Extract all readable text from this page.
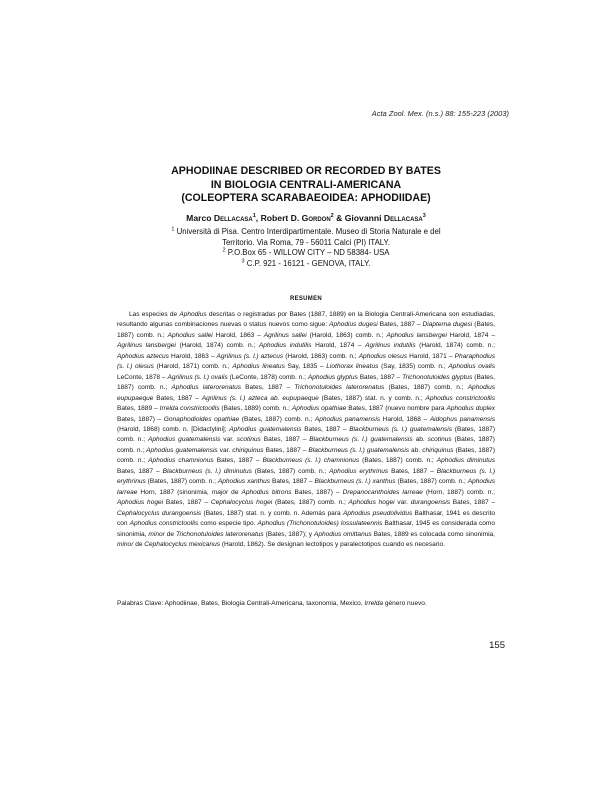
Acta Zool. Mex. (n.s.) 88: 155-223 (2003)
APHODIINAE DESCRIBED OR RECORDED BY BATES
IN BIOLOGIA CENTRALI-AMERICANA
(COLEOPTERA SCARABAEOIDEA: APHODIIDAE)

Marco Dellacasa$^1$, Robert D. Gordon$^2$ & Giovanni Dellacasa$^3$

$^1$ Università di Pisa. Centro Interdipartimentale. Museo di Storia Naturale e del
Territorio. Via Roma, 79 - 56011 Calci (PI) ITALY.
$^2$ P.O.Box 65 - WILLOW CITY – ND 58384- USA
$^3$ C.P. 921 - 16121 - GENOVA, ITALY.
RESUMEN

Las especies de Aphodius descritas o registradas por Bates (1887, 1889) en la Biologia Centrali-Americana son estudiadas, resultando algunas combinaciones nuevas o status nuevos como sigue: Aphodius dugesi Bates, 1887 – Diapterna dugesi (Bates, 1887) comb. n.; Aphodius sallei Harold, 1863 – Agrilinus sallei (Harold, 1863) comb. n.; Aphodius lansbergei Harold, 1874 – Agrilinus lansbergei (Harold, 1874) comb. n.; Aphodius indutilis Harold, 1874 – Agrilinus indutilis (Harold, 1874) comb. n.; Aphodius aztecus Harold, 1863 – Agrilinus (s. l.) aztecus (Harold, 1863) comb. n.; Aphodius olesus Harold, 1871 – Pharaphodius (s. l.) olesus (Harold, 1871) comb. n.; Aphodius lineatus Say, 1835 – Liothorax lineatus (Say, 1835) comb. n.; Aphodius ovalis LeConte, 1878 – Agrilinus (s. l.) ovalis (LeConte, 1878) comb. n.; Aphodius glyptus Bates, 1887 – Trichonotuloides glyptus (Bates, 1887) comb. n.; Aphodius laterorenatus Bates, 1887 – Trichonotuloides laterorenatus (Bates, 1887) comb. n.; Aphodius eupupaeque Bates, 1887 – Agrilinus (s. l.) azteca ab. eupupaeque (Bates, 1887) stat. n. y comb. n.; Aphodius constrictoollis Bates, 1889 – Irrelda constrictoollis (Bates, 1889) comb. n.; Aphodius opathiae Bates, 1887 (nuevo nombre para Aphodius duplex Bates, 1887) – Gonaphodioides opathiae (Bates, 1887) comb. n.; Aphodius panamensis Harold, 1868 – Aidophus panamensis (Harold, 1868) comb. n. [Didactylini]; Aphodius guatemalensis Bates, 1887 – Blackburneus (s. l.) guatemalensis (Bates, 1887) comb. n.; Aphodius guatemalensis var. scotinus Bates, 1887 – Blackburneus (s. l.) guatemalensis ab. scotinus (Bates, 1887) comb. n.; Aphodius guatemalensis var. chiriquinus Bates, 1887 – Blackburneus (s. l.) guatemalensis ab. chiriquinus (Bates, 1887) comb. n.; Aphodius chamnionus Bates, 1887 – Blackburneus (s. l.) chamnionus (Bates, 1887) comb. n.; Aphodius diminutus Bates, 1887 – Blackburneus (s. l.) diminutus (Bates, 1887) comb. n.; Aphodius erythrinus Bates, 1887 – Blackburneus (s. l.) erythrinus (Bates, 1887) comb. n.; Aphodius xanthus Bates, 1887 – Blackburneus (s. l.) xanthus (Bates, 1887) comb. n.; Aphodius larreae Horn, 1887 (sinonimia, major de Aphodius bitrons Bates, 1887) – Drepanocanthoides larreae (Horn, 1887) comb. n.; Aphodius hogei Bates, 1887 – Cephalocyclus hogei (Bates, 1887) comb. n.; Aphodius hogei var. durangoensis Bates, 1887 – Cephalocyclus durangoensis (Bates, 1887) stat. n. y comb. n. Además para Aphodius pseudolividus Balthasar, 1941 es descrito con Aphodius constrictoollis como especie tipo. Aphodius (Trichonotuloides) lossulateennis Balthasar, 1945 es considerada como sinonimia, minor de Trichonotuloides laterorenatus (Bates, 1887); y Aphodius omittanus Bates, 1889 es colocada como sinonimia, minor de Cephalocyclus mexicanus (Harold, 1862). Se designan lectotipos y paralectotipos cuando es necesario.

Palabras Clave: Aphodiinae, Bates, Biologia Centrali-Americana, taxonomia, Mexico, Irrelda género nuevo.

155
